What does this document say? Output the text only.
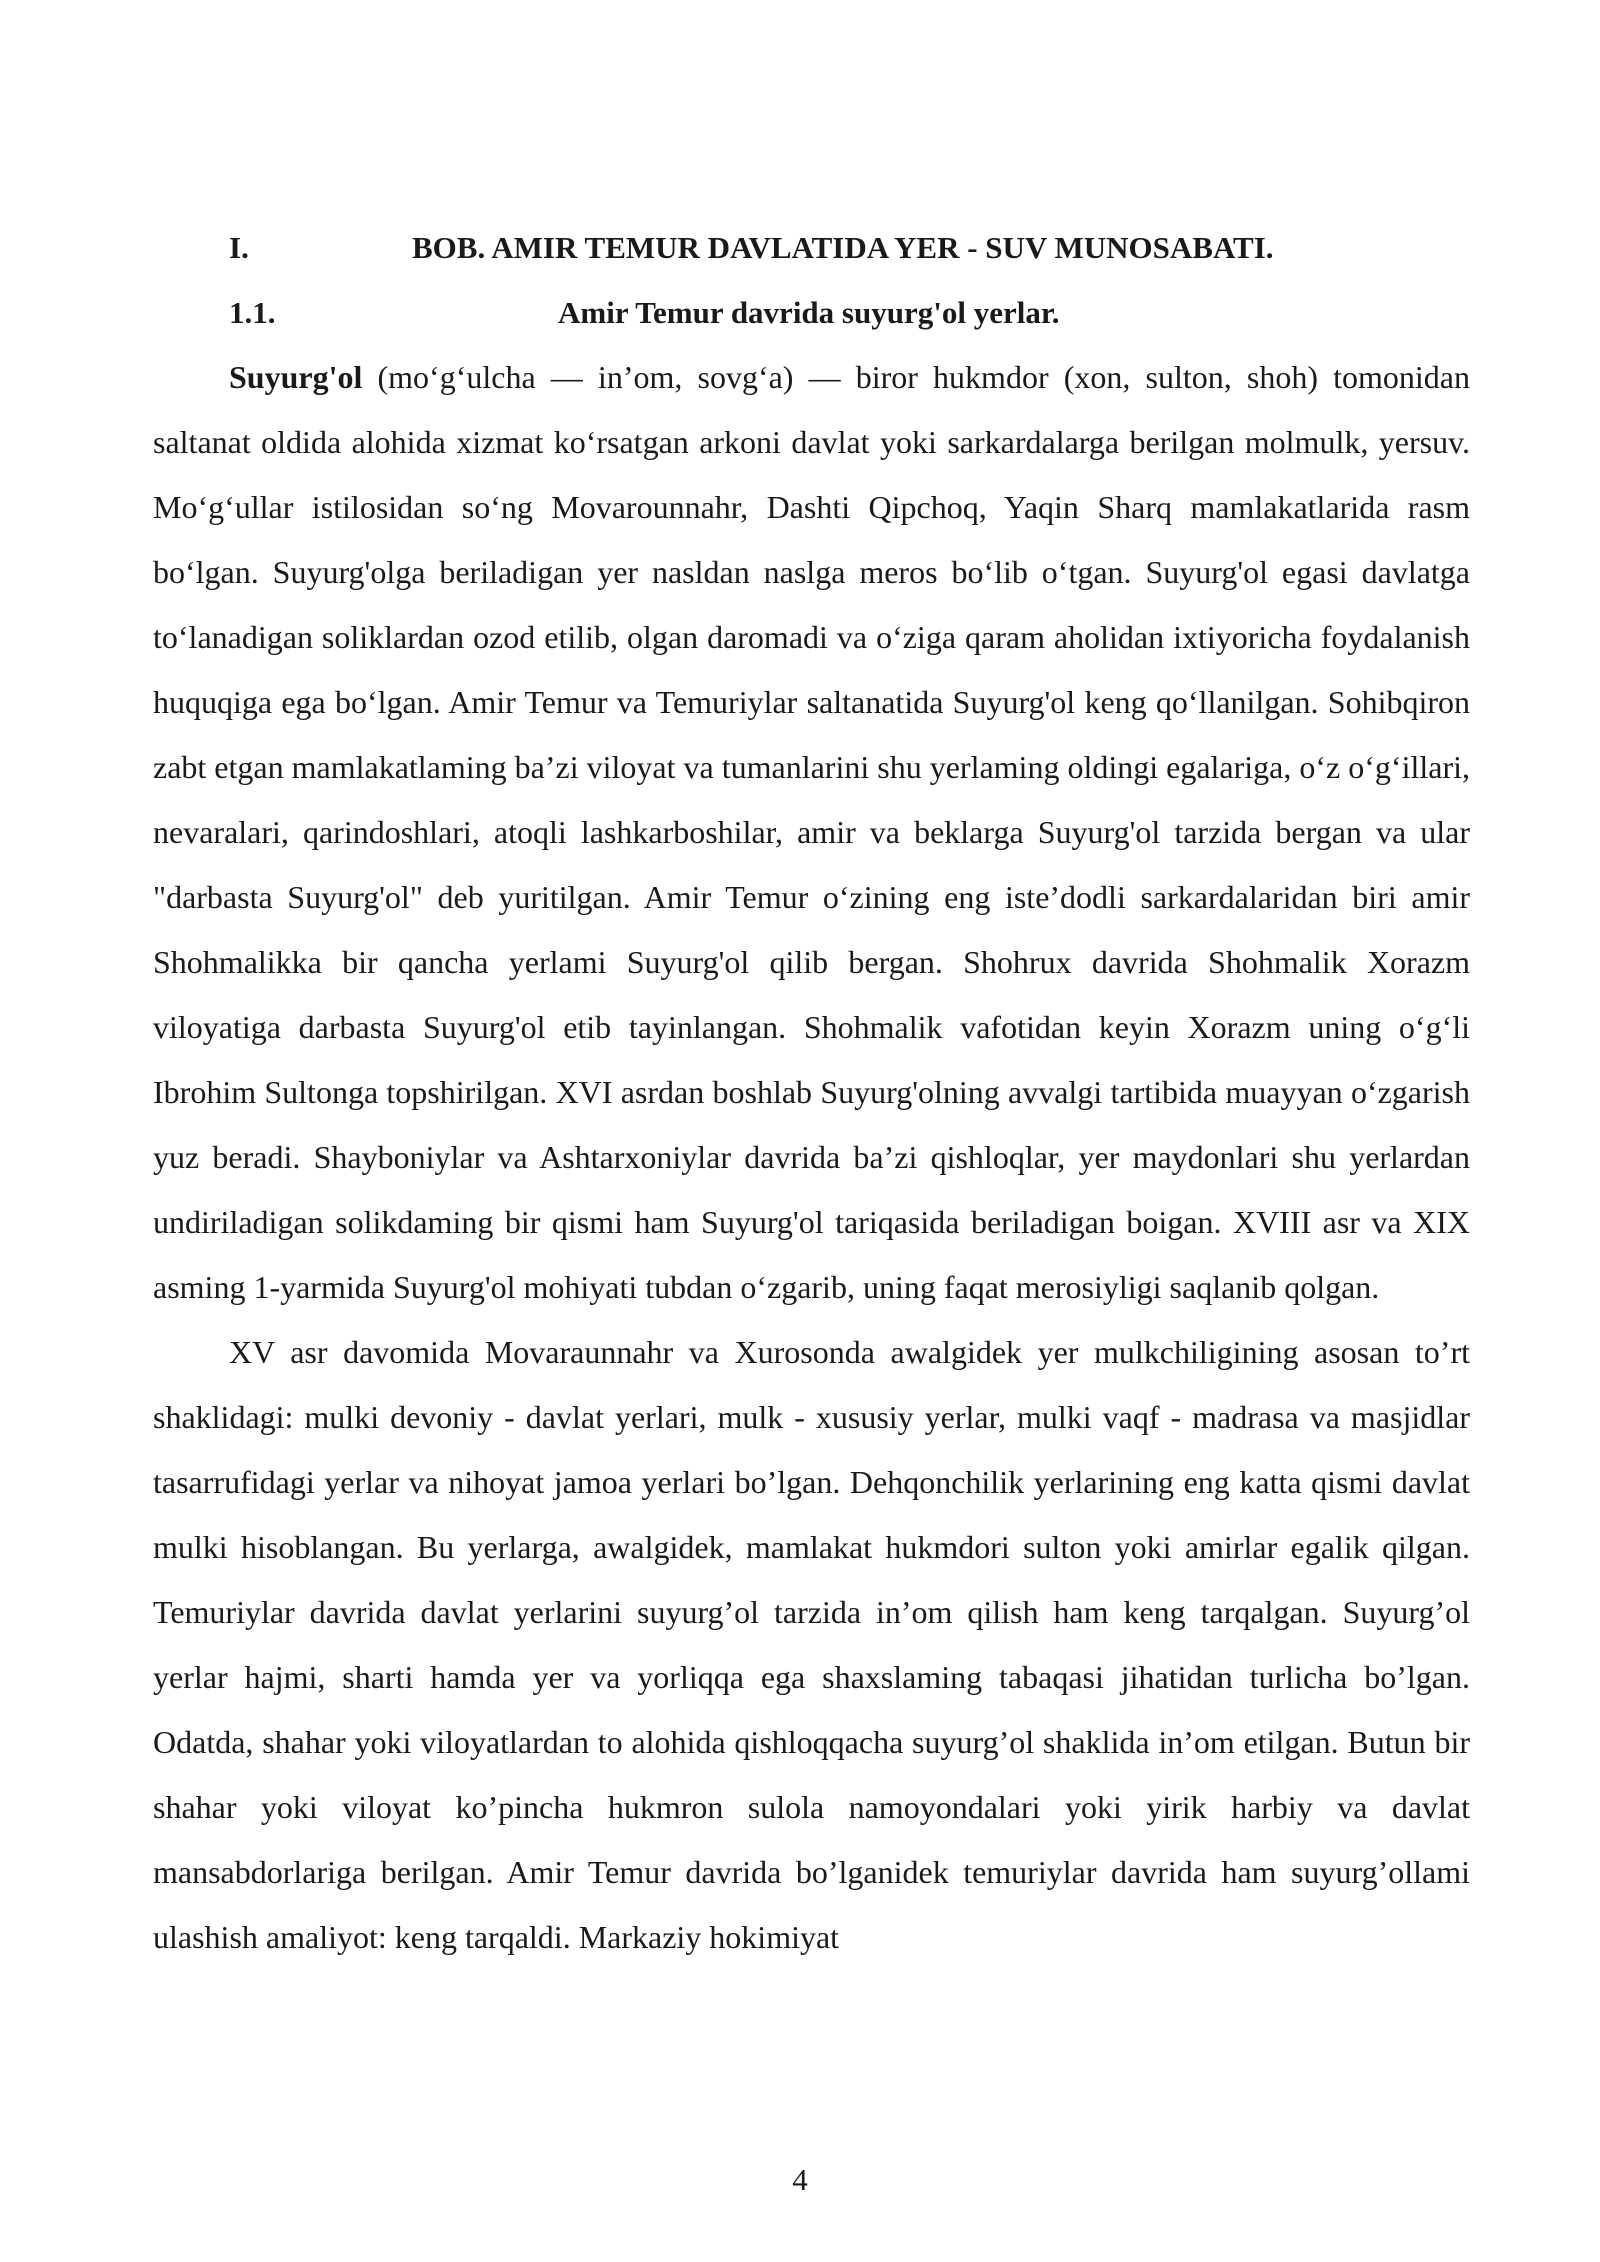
I.	BOB. AMIR TEMUR DAVLATIDA YER - SUV MUNOSABATI.
1.1.	Amir Temur davrida suyurg'ol yerlar.

Suyurg'ol (mo‘g‘ulcha — in’om, sovg‘a) — biror hukmdor (xon, sulton, shoh) tomonidan saltanat oldida alohida xizmat ko‘rsatgan arkoni davlat yoki sarkardalarga berilgan molmulk, yersuv. Mo‘g‘ullar istilosidan so‘ng Movarounnahr, Dashti Qipchoq, Yaqin Sharq mamlakatlarida rasm bo‘lgan. Suyurg'olga beriladigan yer nasldan naslga meros bo‘lib o‘tgan. Suyurg'ol egasi davlatga to‘lanadigan soliklardan ozod etilib, olgan daromadi va o‘ziga qaram aholidan ixtiyoricha foydalanish huquqiga ega bo‘lgan. Amir Temur va Temuriylar saltanatida Suyurg'ol keng qo‘llanilgan. Sohibqiron zabt etgan mamlakatlaming ba’zi viloyat va tumanlarini shu yerlaming oldingi egalariga, o‘z o‘g‘illari, nevaralari, qarindoshlari, atoqli lashkarboshilar, amir va beklarga Suyurg'ol tarzida bergan va ular "darbasta Suyurg'ol" deb yuritilgan. Amir Temur o‘zining eng iste’dodli sarkardalaridan biri amir Shohmalikka bir qancha yerlami Suyurg'ol qilib bergan. Shohrux davrida Shohmalik Xorazm viloyatiga darbasta Suyurg'ol etib tayinlangan. Shohmalik vafotidan keyin Xorazm uning o‘g‘li Ibrohim Sultonga topshirilgan. XVI asrdan boshlab Suyurg'olning avvalgi tartibida muayyan o‘zgarish yuz beradi. Shayboniylar va Ashtarxoniylar davrida ba’zi qishloqlar, yer maydonlari shu yerlardan undiriladigan solikdaming bir qismi ham Suyurg'ol tariqasida beriladigan boigan. XVIII asr va XIX asming 1-yarmida Suyurg'ol mohiyati tubdan o‘zgarib, uning faqat merosiyligi saqlanib qolgan.

XV asr davomida Movaraunnahr va Xurosonda awalgidek yer mulkchiligining asosan to’rt shaklidagi: mulki devoniy - davlat yerlari, mulk - xususiy yerlar, mulki vaqf - madrasa va masjidlar tasarrufidagi yerlar va nihoyat jamoa yerlari bo’lgan. Dehqonchilik yerlarining eng katta qismi davlat mulki hisoblangan. Bu yerlarga, awalgidek, mamlakat hukmdori sulton yoki amirlar egalik qilgan. Temuriylar davrida davlat yerlarini suyurg’ol tarzida in’om qilish ham keng tarqalgan. Suyurg’ol yerlar hajmi, sharti hamda yer va yorliqqa ega shaxslaming tabaqasi jihatidan turlicha bo’lgan. Odatda, shahar yoki viloyatlardan to alohida qishloqqacha suyurg’ol shaklida in’om etilgan. Butun bir shahar yoki viloyat ko’pincha hukmron sulola namoyondalari yoki yirik harbiy va davlat mansabdorlariga berilgan. Amir Temur davrida bo’lganidek temuriylar davrida ham suyurg’ollami ulashish amaliyot: keng tarqaldi. Markaziy hokimiyat

4
